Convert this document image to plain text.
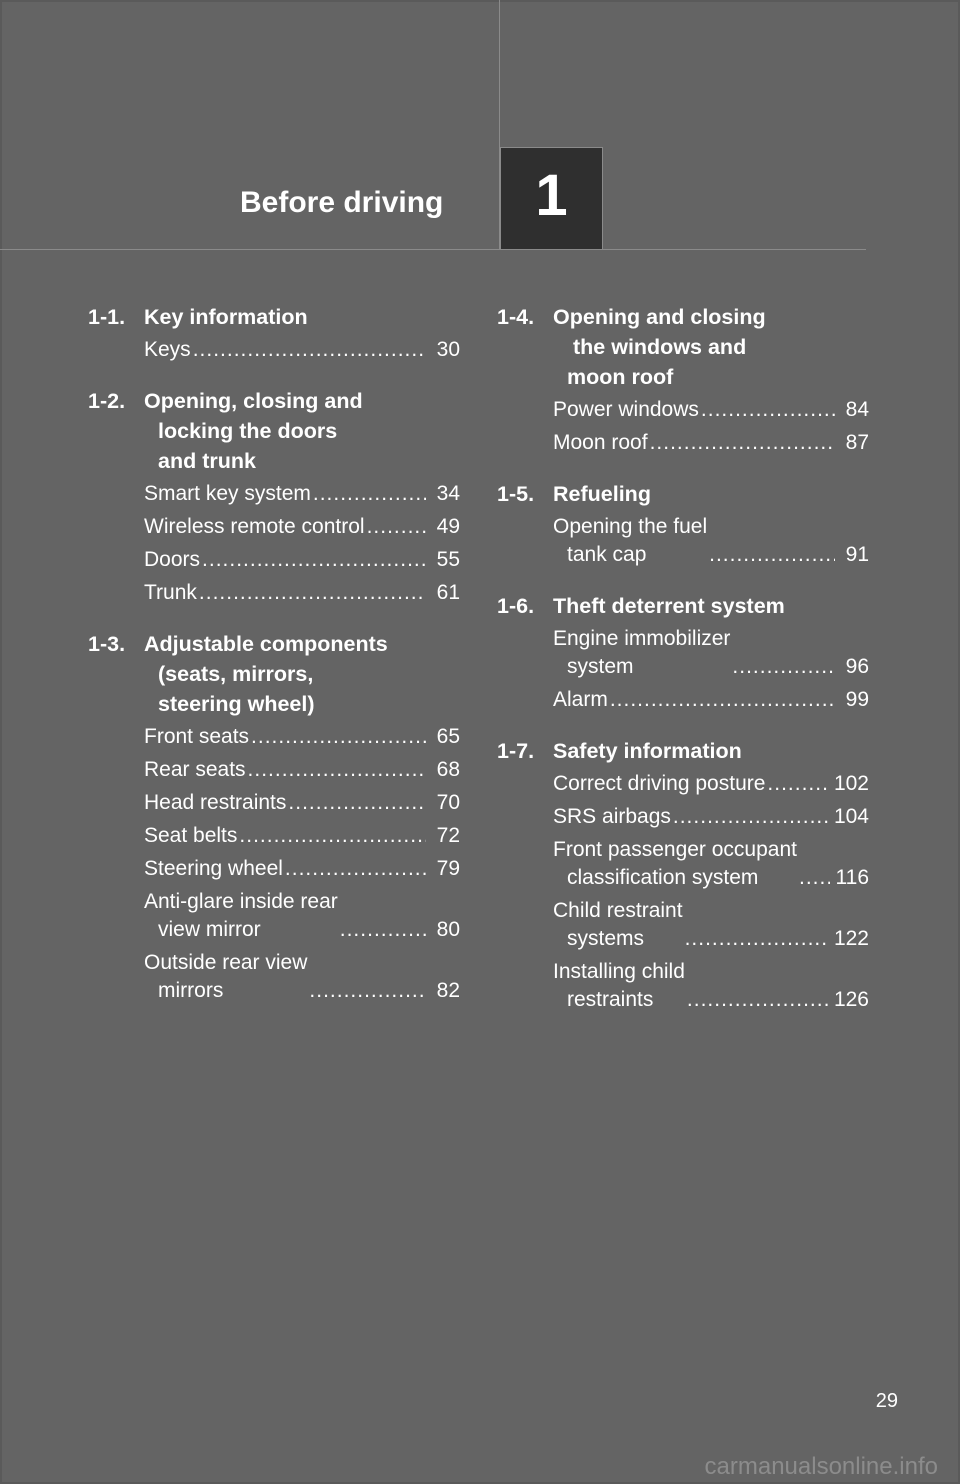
Before driving 1
1-1. Key information
Keys .....	30
1-2. Opening, closing and
locking the doors
and trunk
Smart key system .....	34
Wireless remote control .....	49
Doors .....	55
Trunk .....	61
1-3. Adjustable components
(seats, mirrors,
steering wheel)
Front seats .....	65
Rear seats .....	68
Head restraints .....	70
Seat belts .....	72
Steering wheel .....	79
Anti-glare inside rear
view mirror .....	80
Outside rear view
mirrors .....	82
1-4. Opening and closing
the windows and
moon roof
Power windows .....	84
Moon roof .....	87
1-5. Refueling
Opening the fuel
tank cap .....	91
1-6. Theft deterrent system
Engine immobilizer
system .....	96
Alarm .....	99
1-7. Safety information
Correct driving posture .....	102
SRS airbags .....	104
Front passenger occupant
classification system .....	116
Child restraint
systems .....	122
Installing child
restraints .....	126
29
carmanualsonline.info
